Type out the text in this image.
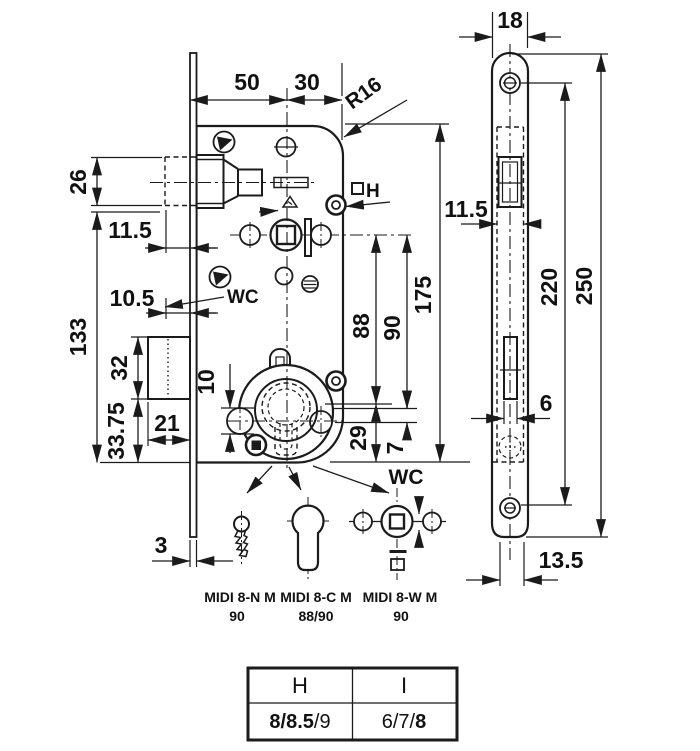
50 30 R16
26
11.5
10.5	WC
133
32
33.75 21
3
10
88 90
175
29 7
WC
H
18
11.5
220 250
6
13.5
MIDI 8-N M
90
MIDI 8-C M
88/90
MIDI 8-W M
90
H	I
8/8.5/9	6/7/8
